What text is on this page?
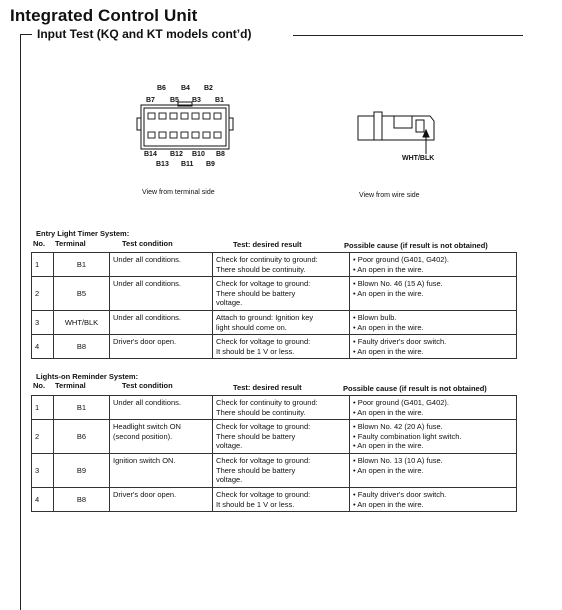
Integrated Control Unit
Input Test (KQ and KT models cont’d)
B6 B4 B2
B7 B5 B3 B1
B14 B12 B10 B8
B13 B11 B9
View from terminal side
WHT/BLK
View from wire side
Entry Light Timer System:
No. Terminal	Test condition	Test: desired result	Possible cause (if result is not obtained)
1	B1	Under all conditions.	Check for continuity to ground:
There should be continuity.	• Poor ground (G401, G402).
• An open in the wire.

2	B5	Under all conditions.	Check for voltage to ground:
There should be battery
voltage.	• Blown No. 46 (15 A) fuse.
• An open in the wire.

3	WHT/BLK	Under all conditions.	Attach to ground: Ignition key
light should come on.	• Blown bulb.
• An open in the wire.

4	B8	Driver's door open.	Check for voltage to ground:
It should be 1 V or less.	• Faulty driver's door switch.
• An open in the wire.
Lights-on Reminder System:
No. Terminal	Test condition	Test: desired result	Possible cause (if result is not obtained)
1	B1	Under all conditions.	Check for continuity to ground:
There should be continuity.	• Poor ground (G401, G402).
• An open in the wire.

2	B6	Headlight switch ON
(second position).	Check for voltage to ground:
There should be battery
voltage.	• Blown No. 42 (20 A) fuse.
• Faulty combination light switch.
• An open in the wire.

3	B9	Ignition switch ON.	Check for voltage to ground:
There should be battery
voltage.	• Blown No. 13 (10 A) fuse.
• An open in the wire.

4	B8	Driver's door open.	Check for voltage to ground:
It should be 1 V or less.	• Faulty driver's door switch.
• An open in the wire.
